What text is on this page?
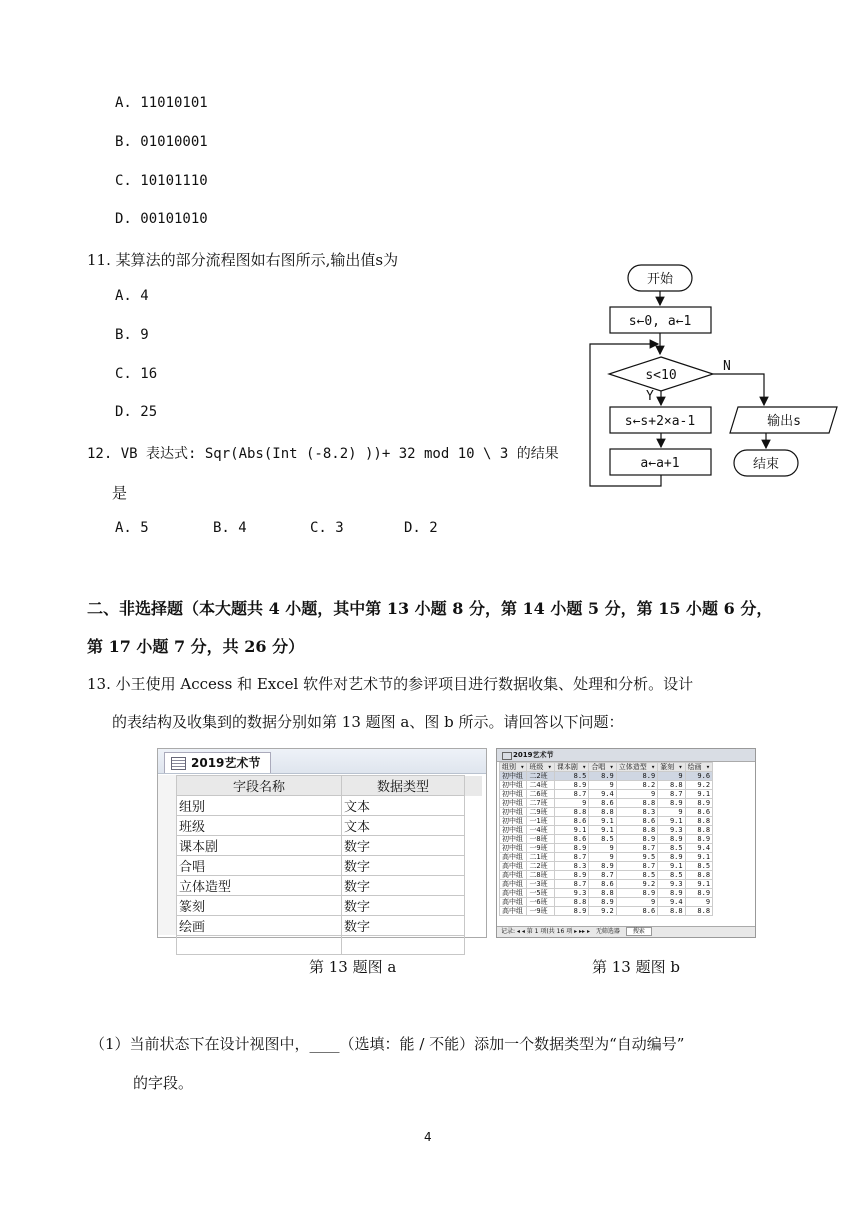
A. 11010101
B. 01010001
C. 10101110
D. 00101010
11. 某算法的部分流程图如右图所示,输出值s为
A. 4
B. 9
C. 16
D. 25
12. VB 表达式: Sqr(Abs(Int (-8.2) ))+ 32 mod 10 \ 3 的结果
是
A. 5	B. 4	C. 3	D. 2
开始
s←0, a←1
s<10
N
Y
s←s+2×a-1
a←a+1
输出s
结束
二、非选择题（本大题共 4 小题，其中第 13 小题 8 分，第 14 小题 5 分，第 15 小题 6 分，
第 17 小题 7 分，共 26 分）
13. 小王使用 Access 和 Excel 软件对艺术节的参评项目进行数据收集、处理和分析。设计
的表结构及收集到的数据分别如第 13 题图 a、图 b 所示。请回答以下问题：
2019艺术节
字段名称	数据类型	
组别	文本	
班级	文本	
课本剧	数字	
合唱	数字	
立体造型	数字	
篆刻	数字	
绘画	数字	

2019艺术节
组别 ▾	班级 ▾	课本剧 ▾	合唱 ▾	立体造型 ▾	篆刻 ▾	绘画 ▾
初中组	二2班	8.5	8.9	8.9	9	9.6
初中组	二4班	8.9	9	8.2	8.8	9.2
初中组	二6班	8.7	9.4	9	8.7	9.1
初中组	二7班	9	8.6	8.8	8.9	8.9
初中组	二9班	8.8	8.8	8.3	9	8.6
初中组	一1班	8.6	9.1	8.6	9.1	8.8
初中组	一4班	9.1	9.1	8.8	9.3	8.8
初中组	一8班	8.6	8.5	8.9	8.9	8.9
初中组	一9班	8.9	9	8.7	8.5	9.4
高中组	二1班	8.7	9	9.5	8.9	9.1
高中组	二2班	8.3	8.9	8.7	9.1	8.5
高中组	二8班	8.9	8.7	8.5	8.5	8.8
高中组	一3班	8.7	8.6	9.2	9.3	9.1
高中组	一5班	9.3	8.8	8.9	8.9	8.9
高中组	一6班	8.8	8.9	9	9.4	9
高中组	一9班	8.9	9.2	8.6	8.8	8.8
记录: ◂ ◂ 第 1 项(共 16 项 ▸ ▸▸ ▸ 无筛选器 搜索
第 13 题图 a	第 13 题图 b
（1）当前状态下在设计视图中，____（选填：能 / 不能）添加一个数据类型为“自动编号”
的字段。
4
